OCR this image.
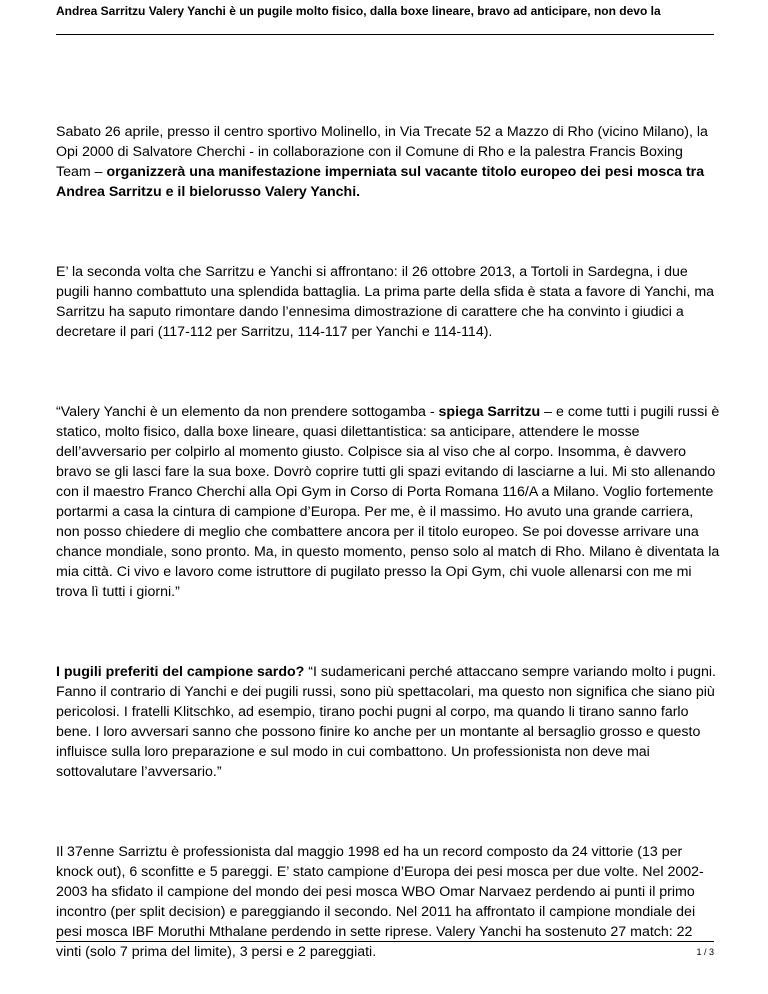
Andrea Sarritzu Valery Yanchi è un pugile molto fisico, dalla boxe lineare, bravo ad anticipare, non devo la

Sabato 26 aprile, presso il centro sportivo Molinello, in Via Trecate 52 a Mazzo di Rho (vicino Milano), la Opi 2000 di Salvatore Cherchi - in collaborazione con il Comune di Rho e la palestra Francis Boxing Team – organizzerà una manifestazione imperniata sul vacante titolo europeo dei pesi mosca tra Andrea Sarritzu e il bielorusso Valery Yanchi.

E’ la seconda volta che Sarritzu e Yanchi si affrontano: il 26 ottobre 2013, a Tortoli in Sardegna, i due pugili hanno combattuto una splendida battaglia. La prima parte della sfida è stata a favore di Yanchi, ma Sarritzu ha saputo rimontare dando l’ennesima dimostrazione di carattere che ha convinto i giudici a decretare il pari (117-112 per Sarritzu, 114-117 per Yanchi e 114-114).

“Valery Yanchi è un elemento da non prendere sottogamba - spiega Sarritzu – e come tutti i pugili russi è statico, molto fisico, dalla boxe lineare, quasi dilettantistica: sa anticipare, attendere le mosse dell’avversario per colpirlo al momento giusto. Colpisce sia al viso che al corpo. Insomma, è davvero bravo se gli lasci fare la sua boxe. Dovrò coprire tutti gli spazi evitando di lasciarne a lui. Mi sto allenando con il maestro Franco Cherchi alla Opi Gym in Corso di Porta Romana 116/A a Milano. Voglio fortemente portarmi a casa la cintura di campione d’Europa. Per me, è il massimo. Ho avuto una grande carriera, non posso chiedere di meglio che combattere ancora per il titolo europeo. Se poi dovesse arrivare una chance mondiale, sono pronto. Ma, in questo momento, penso solo al match di Rho. Milano è diventata la mia città. Ci vivo e lavoro come istruttore di pugilato presso la Opi Gym, chi vuole allenarsi con me mi trova lì tutti i giorni.”

I pugili preferiti del campione sardo? “I sudamericani perché attaccano sempre variando molto i pugni. Fanno il contrario di Yanchi e dei pugili russi, sono più spettacolari, ma questo non significa che siano più pericolosi. I fratelli Klitschko, ad esempio, tirano pochi pugni al corpo, ma quando li tirano sanno farlo bene. I loro avversari sanno che possono finire ko anche per un montante al bersaglio grosso e questo influisce sulla loro preparazione e sul modo in cui combattono. Un professionista non deve mai sottovalutare l’avversario.”

Il 37enne Sarriztu è professionista dal maggio 1998 ed ha un record composto da 24 vittorie (13 per knock out), 6 sconfitte e 5 pareggi. E’ stato campione d’Europa dei pesi mosca per due volte. Nel 2002-2003 ha sfidato il campione del mondo dei pesi mosca WBO Omar Narvaez perdendo ai punti il primo incontro (per split decision) e pareggiando il secondo. Nel 2011 ha affrontato il campione mondiale dei pesi mosca IBF Moruthi Mthalane perdendo in sette riprese. Valery Yanchi ha sostenuto 27 match: 22 vinti (solo 7 prima del limite), 3 persi e 2 pareggiati.	1 / 3
